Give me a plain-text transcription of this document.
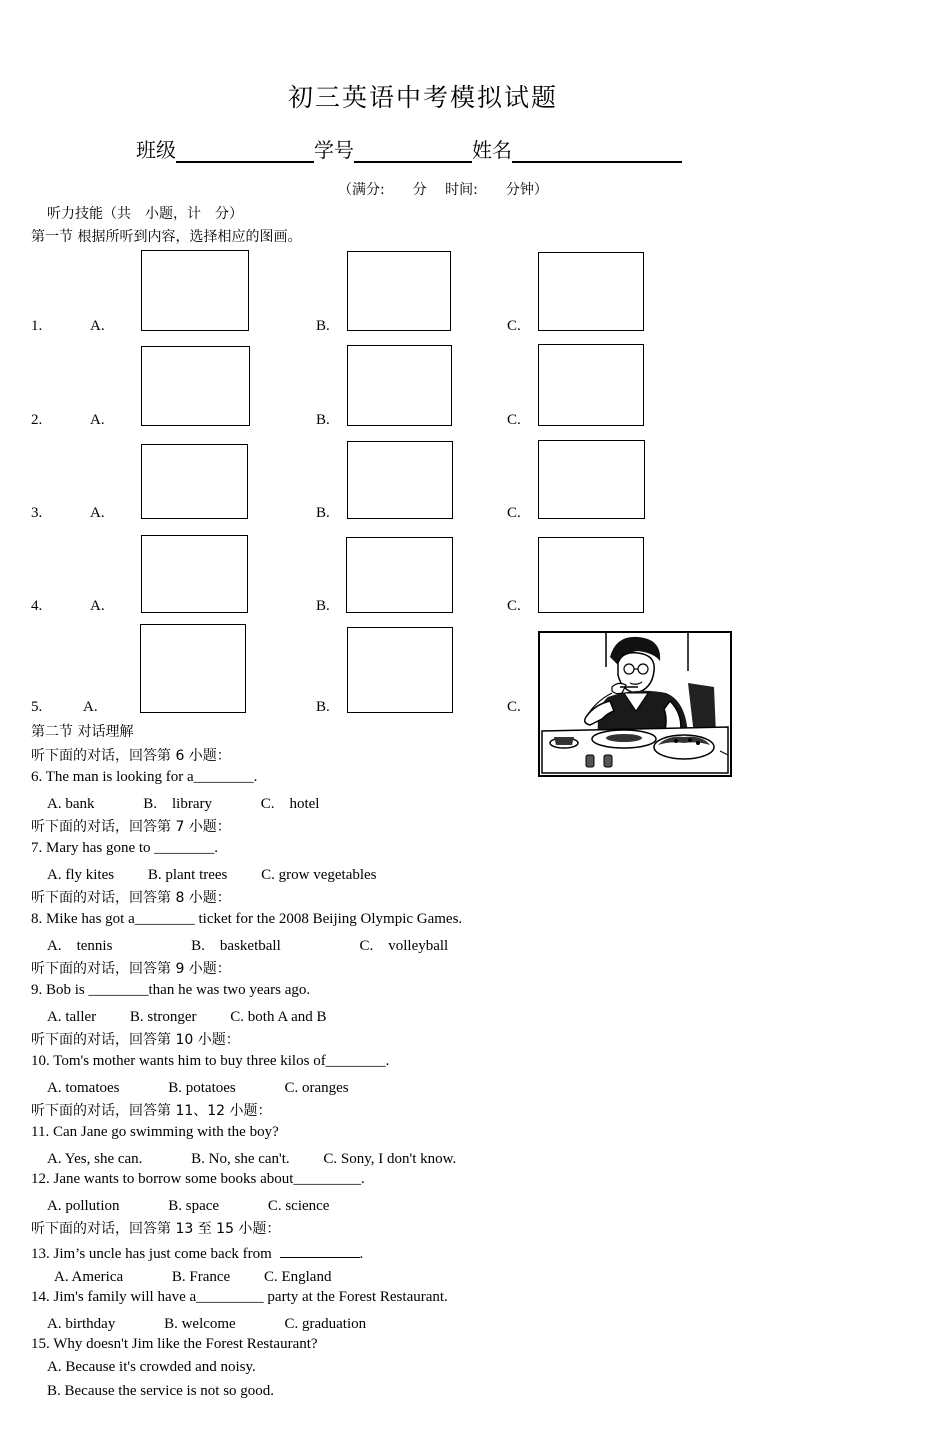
初三英语中考模拟试题
班级	学号	姓名
（满分:　　分　 时间:　　分钟）
听力技能（共　小题，计　分）
第一节 根据所听到内容，选择相应的图画。
1.	A.	B.	C.
2.	A.	B.	C.
3.	A.	B.	C.
4.	A.	B.	C.
5.	A.	B.	C.
第二节 对话理解
听下面的对话，回答第 6 小题：
6. The man is looking for a________.
A. bank　　　 B.　library　　　 C.　hotel
听下面的对话，回答第 7 小题：
7. Mary has gone to ________.
A. fly kites　　 B. plant trees　　 C. grow vegetables
听下面的对话，回答第 8 小题：
8. Mike has got a________ ticket for the 2008 Beijing Olympic Games.
A.　tennis　　　　　 B.　basketball　　　　　 C.　volleyball
听下面的对话，回答第 9 小题：
9. Bob is ________than he was two years ago.
A. taller　　 B. stronger　　 C. both A and B
听下面的对话，回答第 10 小题：
10. Tom's mother wants him to buy three kilos of________.
A. tomatoes　　　 B. potatoes　　　 C. oranges
听下面的对话，回答第 11、12 小题：
11. Can Jane go swimming with the boy?
A. Yes, she can.　　　 B. No, she can't.　　 C. Sony, I don't know.
12. Jane wants to borrow some books about_________.
A. pollution　　　 B. space　　　 C. science
听下面的对话，回答第 13 至 15 小题：
13. Jim’s uncle has just come back from	.
A. America　　　 B. France　　 C. England
14. Jim's family will have a_________ party at the Forest Restaurant.
A. birthday　　　 B. welcome　　　 C. graduation
15. Why doesn't Jim like the Forest Restaurant?
A. Because it's crowded and noisy.
B. Because the service is not so good.
